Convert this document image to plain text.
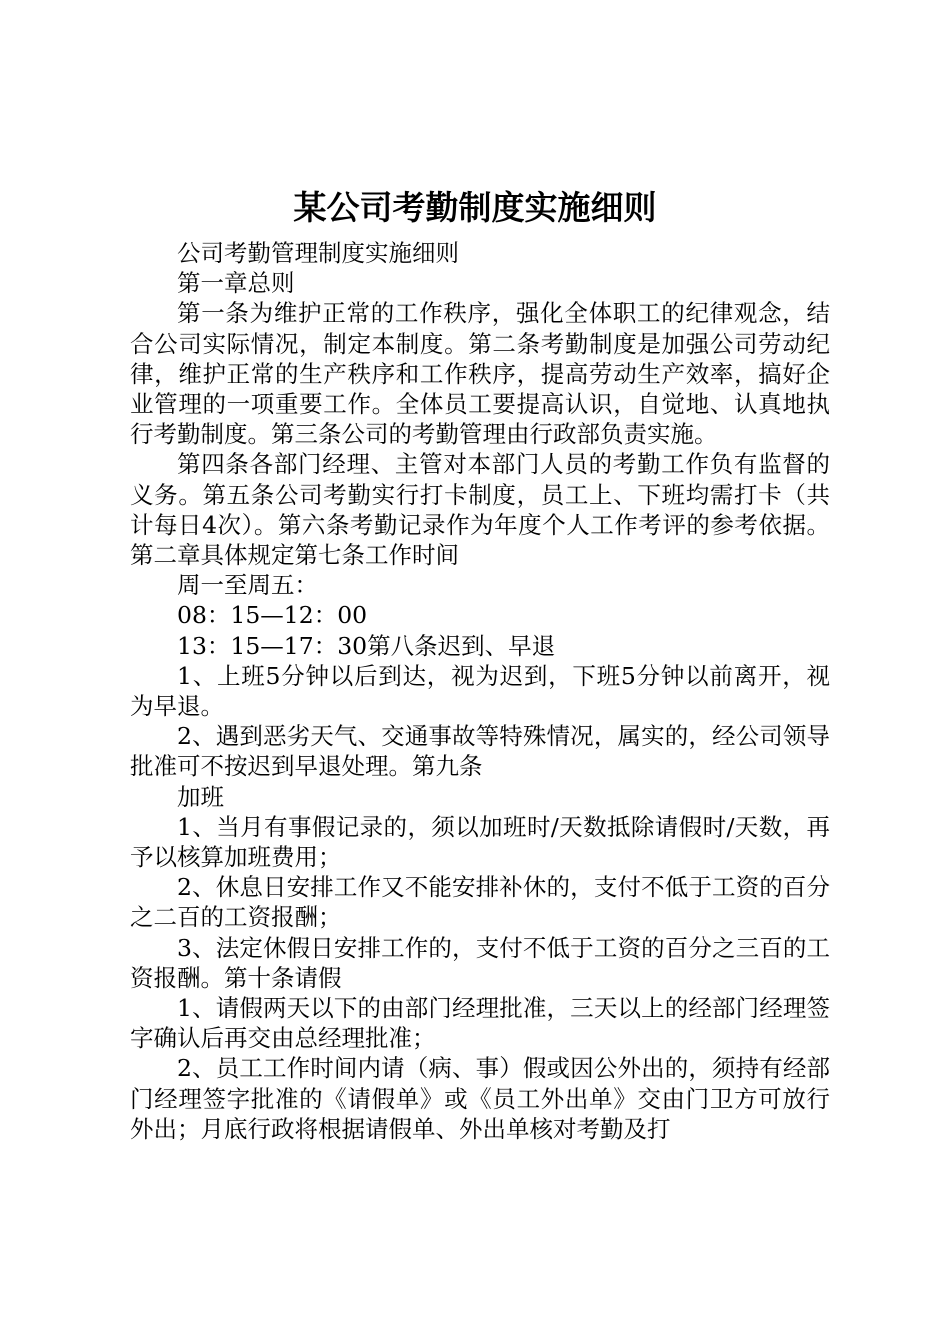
某公司考勤制度实施细则

公司考勤管理制度实施细则

第一章总则

第一条为维护正常的工作秩序，强化全体职工的纪律观念，结合公司实际情况，制定本制度。第二条考勤制度是加强公司劳动纪律，维护正常的生产秩序和工作秩序，提高劳动生产效率，搞好企业管理的一项重要工作。全体员工要提高认识，自觉地、认真地执行考勤制度。第三条公司的考勤管理由行政部负责实施。

第四条各部门经理、主管对本部门人员的考勤工作负有监督的义务。第五条公司考勤实行打卡制度，员工上、下班均需打卡（共计每日4次）。第六条考勤记录作为年度个人工作考评的参考依据。第二章具体规定第七条工作时间

周一至周五：

08：15—12：00

13：15—17：30第八条迟到、早退

1、上班5分钟以后到达，视为迟到，下班5分钟以前离开，视为早退。

2、遇到恶劣天气、交通事故等特殊情况，属实的，经公司领导批准可不按迟到早退处理。第九条

加班

1、当月有事假记录的，须以加班时/天数抵除请假时/天数，再予以核算加班费用；

2、休息日安排工作又不能安排补休的，支付不低于工资的百分之二百的工资报酬；

3、法定休假日安排工作的，支付不低于工资的百分之三百的工资报酬。第十条请假

1、请假两天以下的由部门经理批准，三天以上的经部门经理签字确认后再交由总经理批准；

2、员工工作时间内请（病、事）假或因公外出的，须持有经部门经理签字批准的《请假单》或《员工外出单》交由门卫方可放行外出；月底行政将根据请假单、外出单核对考勤及打
